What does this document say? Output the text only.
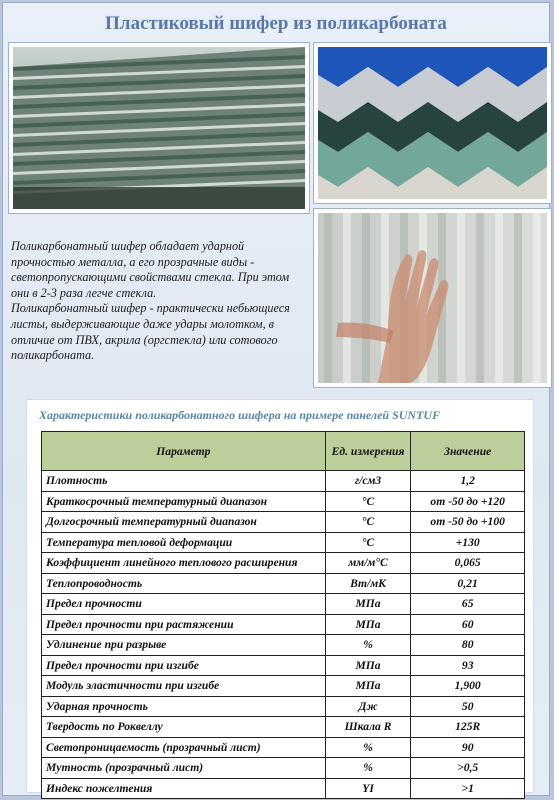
Пластиковый шифер из поликарбоната

Поликарбонатный шифер обладает ударной прочностью металла, а его прозрачные виды - светопропускающими свойствами стекла. При этом они в 2-3 раза легче стекла.

Поликарбонатный шифер - практически небьющиеся листы, выдерживающие даже удары молотком, в отличие от ПВХ, акрила (оргстекла) или сотового поликарбоната.

Характеристики поликарбонатного шифера на примере панелей SUNTUF
Параметр	Ед. измерения	Значение
Плотность	г/см3	1,2
Краткосрочный температурный диапазон	°С	от -50 до +120
Долгосрочный температурный диапазон	°С	от -50 до +100
Температура тепловой деформации	°С	+130
Коэффициент линейного теплового расширения	мм/м°С	0,065
Теплопроводность	Вт/мК	0,21
Предел прочности	МПа	65
Предел прочности при растяжении	МПа	60
Удлинение при разрыве	%	80
Предел прочности при изгибе	МПа	93
Модуль эластичности при изгибе	МПа	1,900
Ударная прочность	Дж	50
Твердость по Роквеллу	Шкала R	125R
Светопроницаемость (прозрачный лист)	%	90
Мутность (прозрачный лист)	%	>0,5
Индекс пожелтения	YI	>1
